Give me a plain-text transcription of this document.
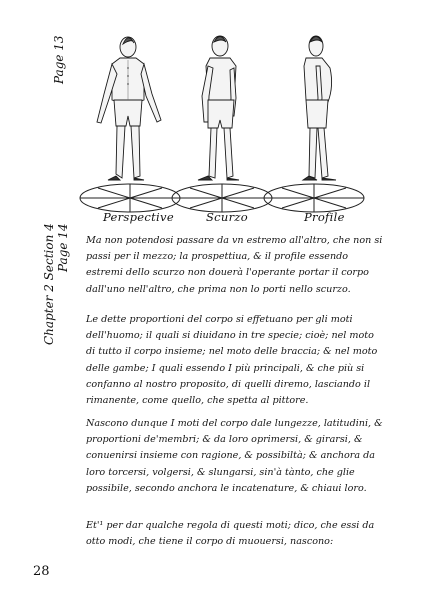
Page 13
Page 14
Chapter 2 Section 4
Perspective	Scurzo	Profile

Ma non potendosi passare da vn estremo all'altro, che non si passi per il mezzo; la prospettiua, & il profile essendo estremi dello scurzo non douerà l'operante portar il corpo dall'uno nell'altro, che prima non lo porti nello scurzo.

Le dette proportioni del corpo si effetuano per gli moti dell'huomo; il quali si diuidano in tre specie; cioè; nel moto di tutto il corpo insieme; nel moto delle braccia; & nel moto delle gambe; I quali essendo I più principali, & che più si confanno al nostro proposito, di quelli diremo, lasciando il rimanente, come quello, che spetta al pittore.

Nascono dunque I moti del corpo dale lungezze, latitudini, & proportioni de'membri; & da loro oprimersi, & girarsi, & conuenirsi insieme con ragione, & possibiltà; & anchora da loro torcersi, volgersi, & slungarsi, sin'à tànto, che glie possibile, secondo anchora le incatenature, & chiaui loro.

Et'¹ per dar qualche regola di questi moti; dico, che essi da otto modi, che tiene il corpo di muouersi, nascono:

28
